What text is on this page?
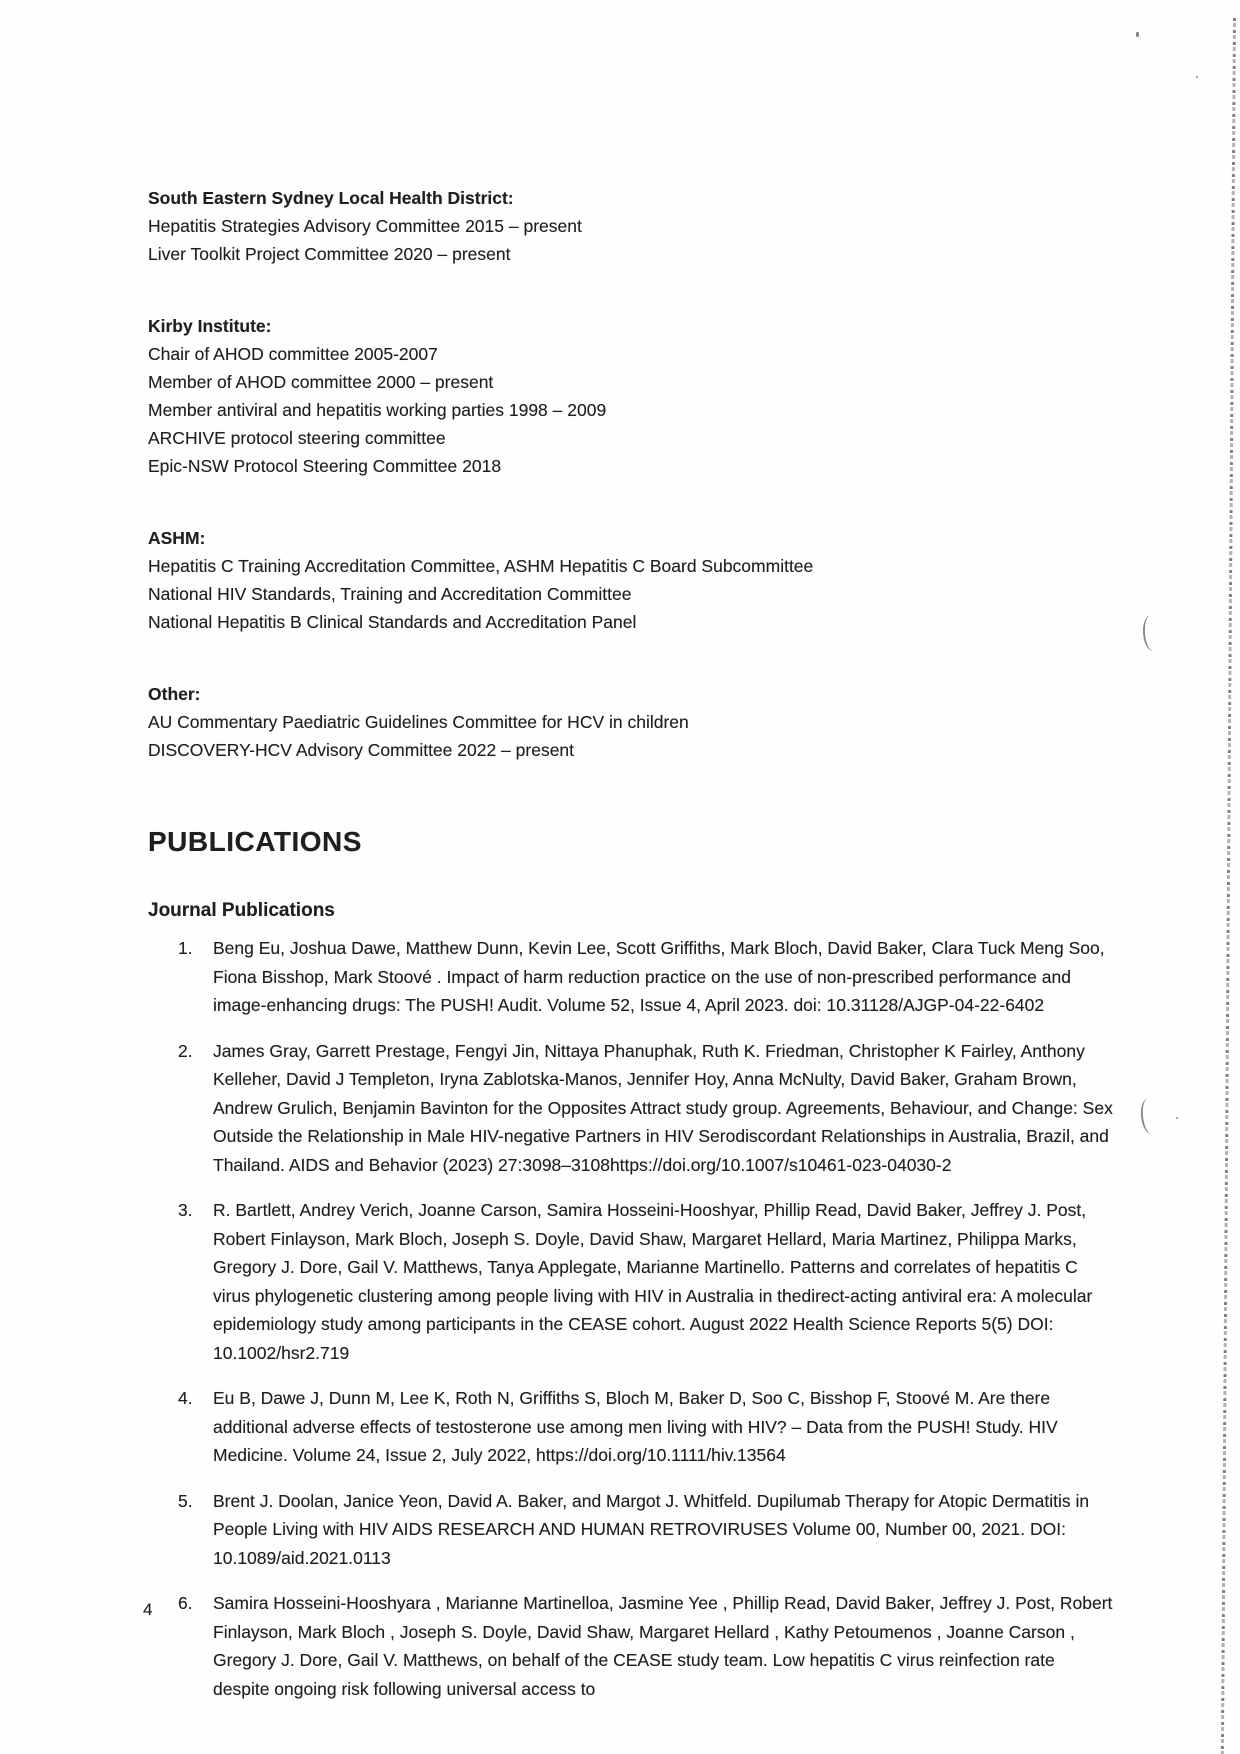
South Eastern Sydney Local Health District:
Hepatitis Strategies Advisory Committee 2015 – present
Liver Toolkit Project Committee 2020 – present
Kirby Institute:
Chair of AHOD committee 2005-2007
Member of AHOD committee 2000 – present
Member antiviral and hepatitis working parties 1998 – 2009
ARCHIVE protocol steering committee
Epic-NSW Protocol Steering Committee 2018
ASHM:
Hepatitis C Training Accreditation Committee, ASHM Hepatitis C Board Subcommittee
National HIV Standards, Training and Accreditation Committee
National Hepatitis B Clinical Standards and Accreditation Panel
Other:
AU Commentary Paediatric Guidelines Committee for HCV in children
DISCOVERY-HCV Advisory Committee 2022 – present
PUBLICATIONS
Journal Publications
1.	Beng Eu, Joshua Dawe, Matthew Dunn, Kevin Lee, Scott Griffiths, Mark Bloch, David Baker, Clara Tuck Meng Soo, Fiona Bisshop, Mark Stoové . Impact of harm reduction practice on the use of non-prescribed performance and image-enhancing drugs: The PUSH! Audit. Volume 52, Issue 4, April 2023. doi: 10.31128/AJGP-04-22-6402
2.	James Gray, Garrett Prestage, Fengyi Jin, Nittaya Phanuphak, Ruth K. Friedman, Christopher K Fairley, Anthony Kelleher, David J Templeton, Iryna Zablotska-Manos, Jennifer Hoy, Anna McNulty, David Baker, Graham Brown, Andrew Grulich, Benjamin Bavinton for the Opposites Attract study group. Agreements, Behaviour, and Change: Sex Outside the Relationship in Male HIV-negative Partners in HIV Serodiscordant Relationships in Australia, Brazil, and Thailand. AIDS and Behavior (2023) 27:3098–3108https://doi.org/10.1007/s10461-023-04030-2
3.	R. Bartlett, Andrey Verich, Joanne Carson, Samira Hosseini-Hooshyar, Phillip Read, David Baker, Jeffrey J. Post, Robert Finlayson, Mark Bloch, Joseph S. Doyle, David Shaw, Margaret Hellard, Maria Martinez, Philippa Marks, Gregory J. Dore, Gail V. Matthews, Tanya Applegate, Marianne Martinello. Patterns and correlates of hepatitis C virus phylogenetic clustering among people living with HIV in Australia in thedirect-acting antiviral era: A molecular epidemiology study among participants in the CEASE cohort. August 2022 Health Science Reports 5(5) DOI: 10.1002/hsr2.719
4.	Eu B, Dawe J, Dunn M, Lee K, Roth N, Griffiths S, Bloch M, Baker D, Soo C, Bisshop F, Stoové M. Are there additional adverse effects of testosterone use among men living with HIV? – Data from the PUSH! Study. HIV Medicine. Volume 24, Issue 2, July 2022, https://doi.org/10.1111/hiv.13564
5.	Brent J. Doolan, Janice Yeon, David A. Baker, and Margot J. Whitfeld. Dupilumab Therapy for Atopic Dermatitis in People Living with HIV AIDS RESEARCH AND HUMAN RETROVIRUSES Volume 00, Number 00, 2021. DOI: 10.1089/aid.2021.0113
6.	Samira Hosseini-Hooshyara , Marianne Martinelloa, Jasmine Yee , Phillip Read, David Baker, Jeffrey J. Post, Robert Finlayson, Mark Bloch , Joseph S. Doyle, David Shaw, Margaret Hellard , Kathy Petoumenos , Joanne Carson , Gregory J. Dore, Gail V. Matthews, on behalf of the CEASE study team. Low hepatitis C virus reinfection rate despite ongoing risk following universal access to
4
